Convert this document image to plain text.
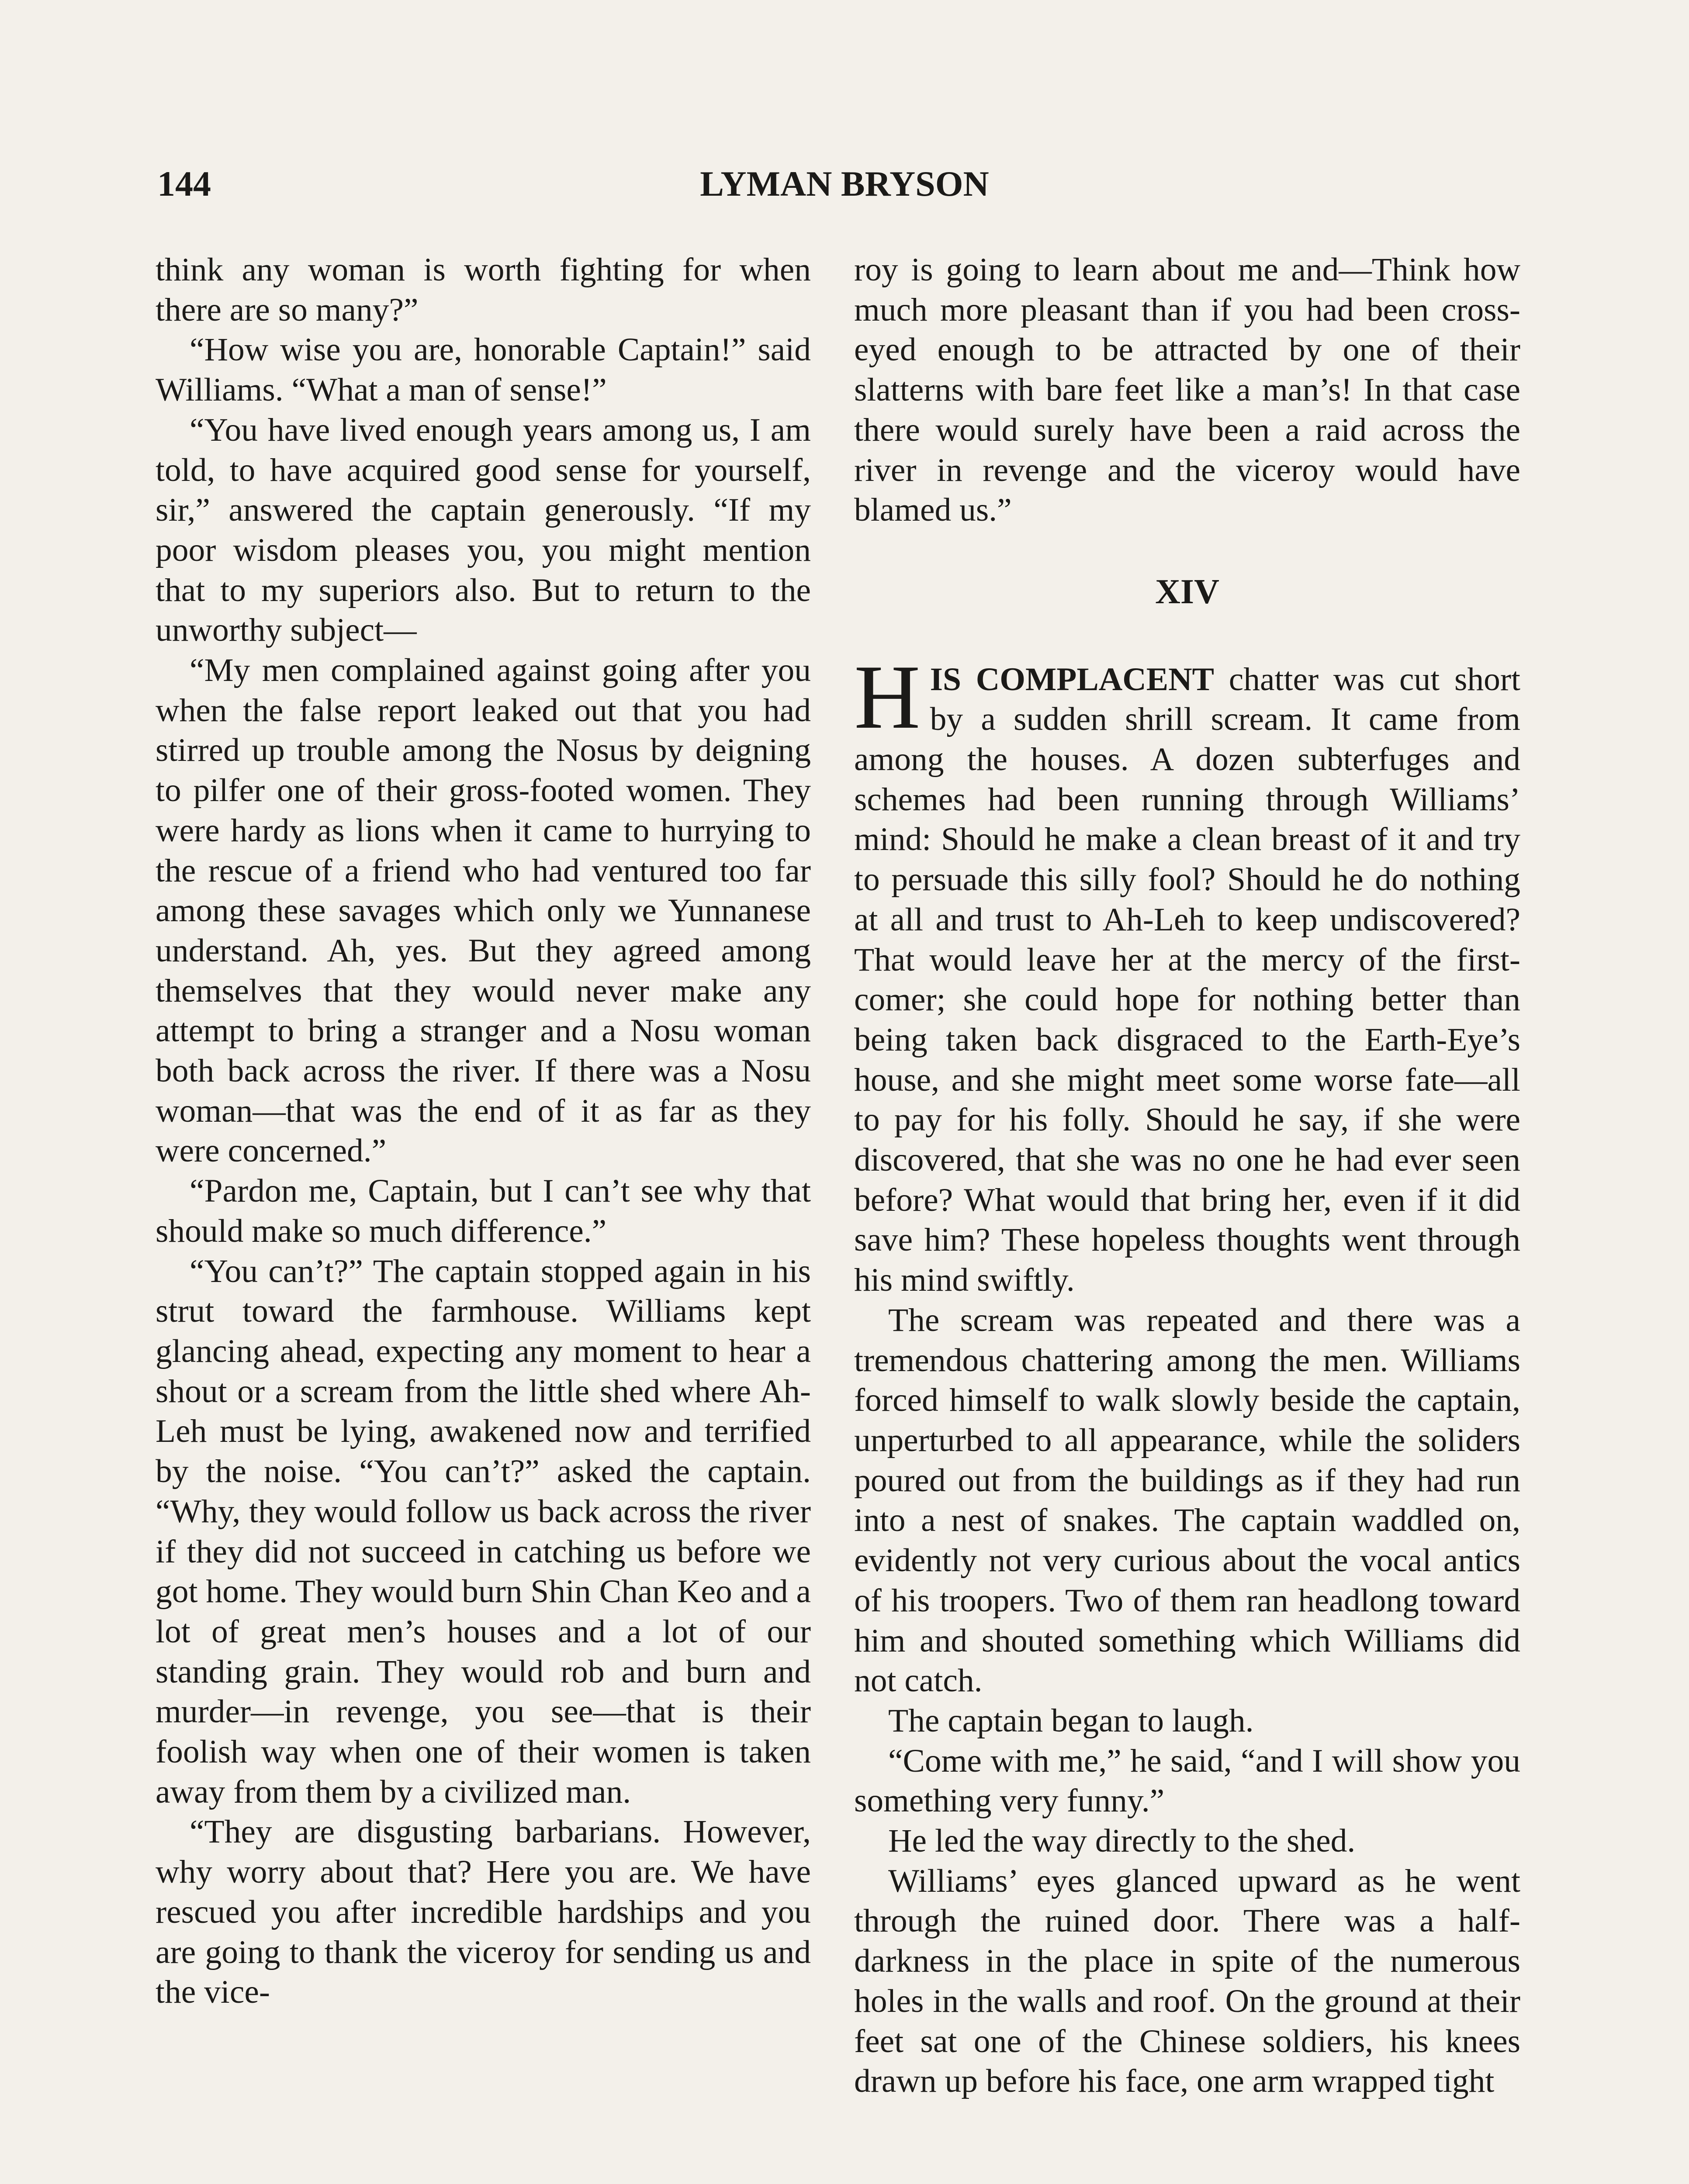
144	LYMAN BRYSON

think any woman is worth fighting for when there are so many?”

“How wise you are, honorable Captain!” said Williams. “What a man of sense!”

“You have lived enough years among us, I am told, to have acquired good sense for yourself, sir,” answered the captain generously. “If my poor wisdom pleases you, you might mention that to my superiors also. But to return to the unworthy subject—

“My men complained against going after you when the false report leaked out that you had stirred up trouble among the Nosus by deigning to pilfer one of their gross-footed women. They were hardy as lions when it came to hurrying to the rescue of a friend who had ventured too far among these savages which only we Yunnanese understand. Ah, yes. But they agreed among themselves that they would never make any attempt to bring a stranger and a Nosu woman both back across the river. If there was a Nosu woman—that was the end of it as far as they were concerned.”

“Pardon me, Captain, but I can’t see why that should make so much difference.”

“You can’t?” The captain stopped again in his strut toward the farmhouse. Williams kept glancing ahead, expecting any moment to hear a shout or a scream from the little shed where Ah-Leh must be lying, awakened now and terrified by the noise. “You can’t?” asked the captain. “Why, they would follow us back across the river if they did not succeed in catching us before we got home. They would burn Shin Chan Keo and a lot of great men’s houses and a lot of our standing grain. They would rob and burn and murder—in revenge, you see—that is their foolish way when one of their women is taken away from them by a civilized man.

“They are disgusting barbarians. However, why worry about that? Here you are. We have rescued you after incredible hardships and you are going to thank the viceroy for sending us and the vice-

roy is going to learn about me and—Think how much more pleasant than if you had been cross-eyed enough to be attracted by one of their slatterns with bare feet like a man’s! In that case there would surely have been a raid across the river in revenge and the viceroy would have blamed us.”

XIV

HIS COMPLACENT chatter was cut short by a sudden shrill scream. It came from among the houses. A dozen subterfuges and schemes had been running through Williams’ mind: Should he make a clean breast of it and try to persuade this silly fool? Should he do nothing at all and trust to Ah-Leh to keep undiscovered? That would leave her at the mercy of the first-comer; she could hope for nothing better than being taken back disgraced to the Earth-Eye’s house, and she might meet some worse fate—all to pay for his folly. Should he say, if she were discovered, that she was no one he had ever seen before? What would that bring her, even if it did save him? These hopeless thoughts went through his mind swiftly.

The scream was repeated and there was a tremendous chattering among the men. Williams forced himself to walk slowly beside the captain, unperturbed to all appearance, while the soliders poured out from the buildings as if they had run into a nest of snakes. The captain waddled on, evidently not very curious about the vocal antics of his troopers. Two of them ran headlong toward him and shouted something which Williams did not catch.

The captain began to laugh.

“Come with me,” he said, “and I will show you something very funny.”

He led the way directly to the shed.

Williams’ eyes glanced upward as he went through the ruined door. There was a half-darkness in the place in spite of the numerous holes in the walls and roof. On the ground at their feet sat one of the Chinese soldiers, his knees drawn up before his face, one arm wrapped tight
